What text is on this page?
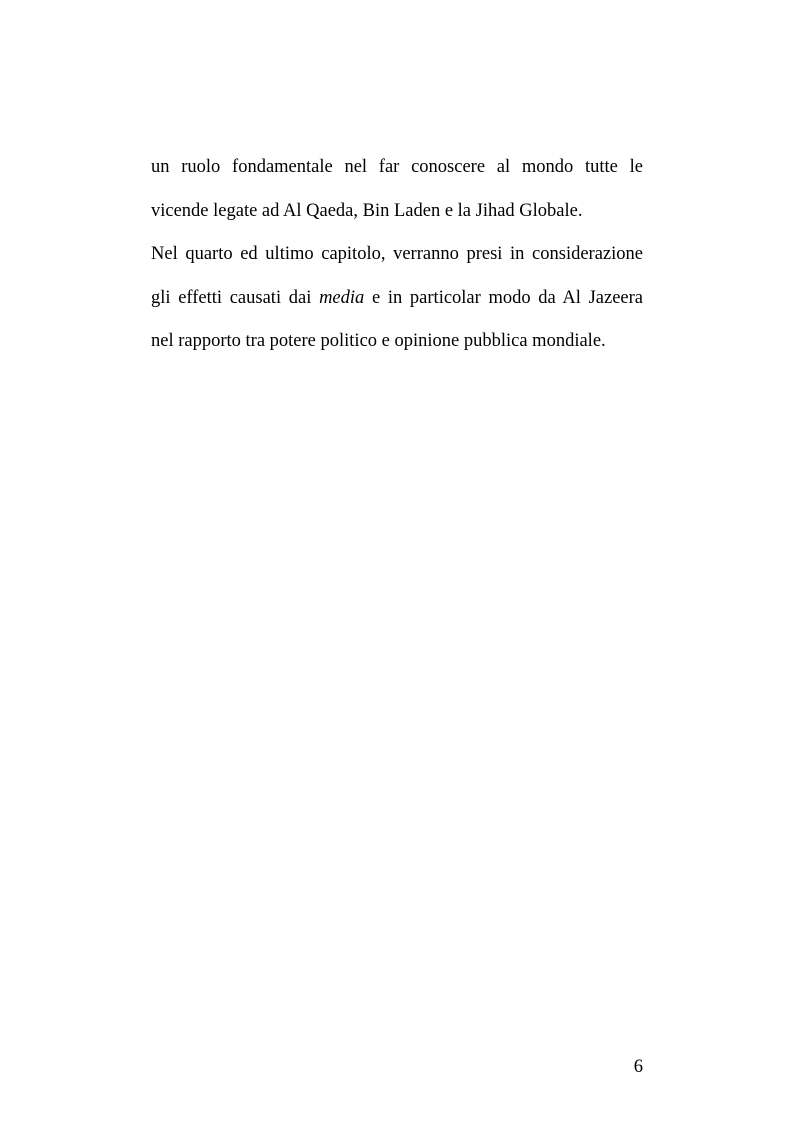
un ruolo fondamentale nel far conoscere al mondo tutte le
vicende legate ad Al Qaeda, Bin Laden e la Jihad Globale.
Nel quarto ed ultimo capitolo, verranno presi in considerazione
gli effetti causati dai media e in particolar modo da Al Jazeera
nel rapporto tra potere politico e opinione pubblica mondiale.
6
